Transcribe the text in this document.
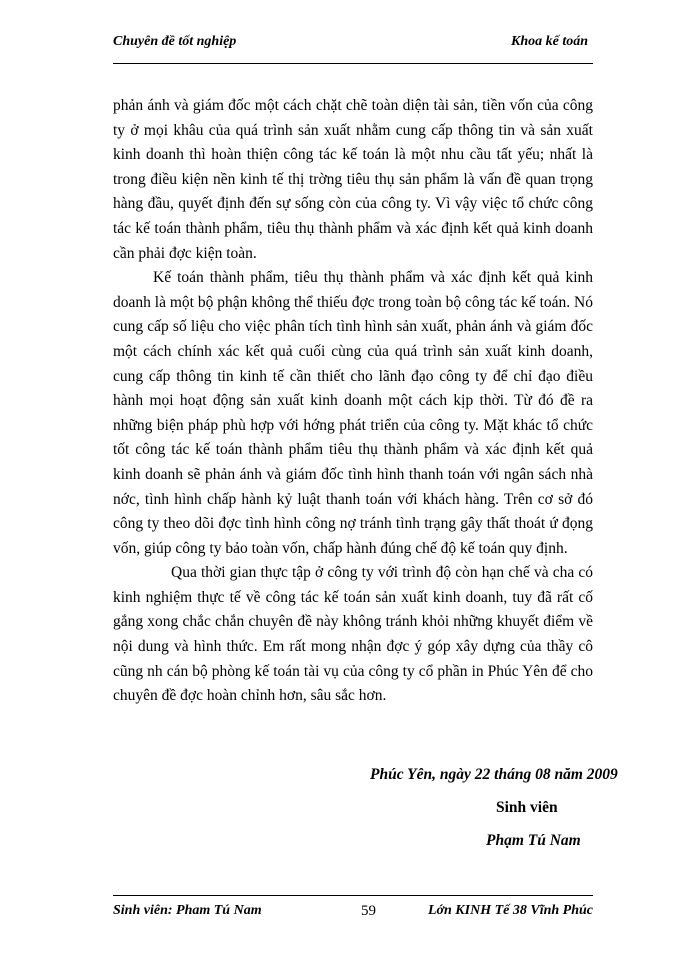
Chuyên đề tốt nghiệp	Khoa kế toán

phản ánh và giám đốc một cách chặt chẽ toàn diện tài sản, tiền vốn của công ty ở mọi khâu của quá trình sản xuất nhằm cung cấp thông tin và sản xuất kinh doanh thì hoàn thiện công tác kế toán là một nhu cầu tất yếu; nhất là trong điều kiện nền kinh tế thị trờng tiêu thụ sản phẩm là vấn đề quan trọng hàng đầu, quyết định đến sự sống còn của công ty. Vì vậy việc tổ chức công tác kế toán thành phẩm, tiêu thụ thành phẩm và xác định kết quả kinh doanh cần phải đợc kiện toàn.

Kế toán thành phẩm, tiêu thụ thành phẩm và xác định kết quả kinh doanh là một bộ phận không thể thiếu đợc trong toàn bộ công tác kế toán. Nó cung cấp số liệu cho việc phân tích tình hình sản xuất, phản ánh và giám đốc một cách chính xác kết quả cuối cùng của quá trình sản xuất kinh doanh, cung cấp thông tin kinh tế cần thiết cho lãnh đạo công ty để chỉ đạo điều hành mọi hoạt động sản xuất kinh doanh một cách kịp thời. Từ đó đề ra những biện pháp phù hợp với hớng phát triển của công ty. Mặt khác tổ chức tốt công tác kế toán thành phẩm tiêu thụ thành phẩm và xác định kết quả kinh doanh sẽ phản ánh và giám đốc tình hình thanh toán với ngân sách nhà nớc, tình hình chấp hành kỷ luật thanh toán với khách hàng. Trên cơ sở đó công ty theo dõi đợc tình hình công nợ tránh tình trạng gây thất thoát ứ đọng vốn, giúp công ty bảo toàn vốn, chấp hành đúng chế độ kế toán quy định.

Qua thời gian thực tập ở công ty với trình độ còn hạn chế và cha có kinh nghiệm thực tế về công tác kế toán sản xuất kinh doanh, tuy đã rất cố gắng xong chắc chắn chuyên đề này không tránh khỏi những khuyết điểm về nội dung và hình thức. Em rất mong nhận đợc ý góp xây dựng của thầy cô cũng nh cán bộ phòng kế toán tài vụ của công ty cổ phần in Phúc Yên để cho chuyên đề đợc hoàn chỉnh hơn, sâu sắc hơn.

Phúc Yên, ngày 22 tháng 08 năm 2009
Sinh viên
Phạm Tú Nam
Sinh viên: Pham Tú Nam	59	Lớn KINH Tế 38 Vĩnh Phúc
